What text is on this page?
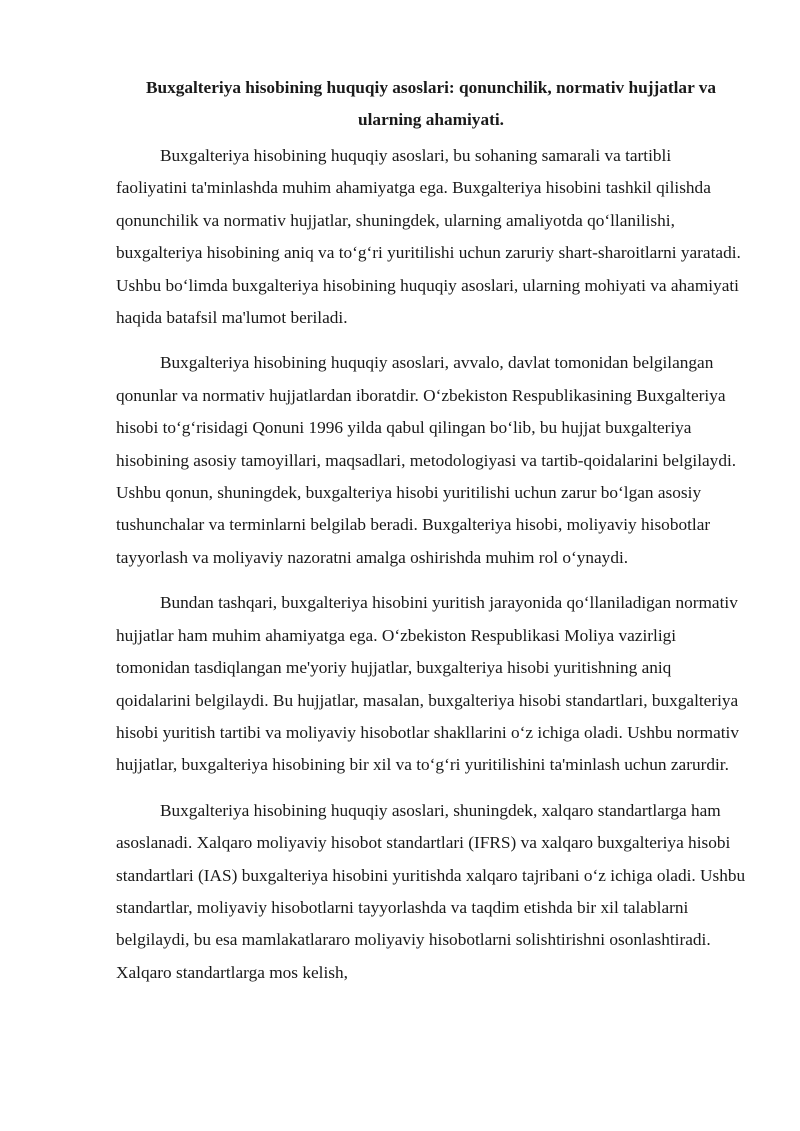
Buxgalteriya hisobining huquqiy asoslari: qonunchilik, normativ hujjatlar va ularning ahamiyati.

Buxgalteriya hisobining huquqiy asoslari, bu sohaning samarali va tartibli faoliyatini ta'minlashda muhim ahamiyatga ega. Buxgalteriya hisobini tashkil qilishda qonunchilik va normativ hujjatlar, shuningdek, ularning amaliyotda qo‘llanilishi, buxgalteriya hisobining aniq va to‘g‘ri yuritilishi uchun zaruriy shart-sharoitlarni yaratadi. Ushbu bo‘limda buxgalteriya hisobining huquqiy asoslari, ularning mohiyati va ahamiyati haqida batafsil ma'lumot beriladi.

Buxgalteriya hisobining huquqiy asoslari, avvalo, davlat tomonidan belgilangan qonunlar va normativ hujjatlardan iboratdir. O‘zbekiston Respublikasining Buxgalteriya hisobi to‘g‘risidagi Qonuni 1996 yilda qabul qilingan bo‘lib, bu hujjat buxgalteriya hisobining asosiy tamoyillari, maqsadlari, metodologiyasi va tartib-qoidalarini belgilaydi. Ushbu qonun, shuningdek, buxgalteriya hisobi yuritilishi uchun zarur bo‘lgan asosiy tushunchalar va terminlarni belgilab beradi. Buxgalteriya hisobi, moliyaviy hisobotlar tayyorlash va moliyaviy nazoratni amalga oshirishda muhim rol o‘ynaydi.

Bundan tashqari, buxgalteriya hisobini yuritish jarayonida qo‘llaniladigan normativ hujjatlar ham muhim ahamiyatga ega. O‘zbekiston Respublikasi Moliya vazirligi tomonidan tasdiqlangan me'yoriy hujjatlar, buxgalteriya hisobi yuritishning aniq qoidalarini belgilaydi. Bu hujjatlar, masalan, buxgalteriya hisobi standartlari, buxgalteriya hisobi yuritish tartibi va moliyaviy hisobotlar shakllarini o‘z ichiga oladi. Ushbu normativ hujjatlar, buxgalteriya hisobining bir xil va to‘g‘ri yuritilishini ta'minlash uchun zarurdir.

Buxgalteriya hisobining huquqiy asoslari, shuningdek, xalqaro standartlarga ham asoslanadi. Xalqaro moliyaviy hisobot standartlari (IFRS) va xalqaro buxgalteriya hisobi standartlari (IAS) buxgalteriya hisobini yuritishda xalqaro tajribani o‘z ichiga oladi. Ushbu standartlar, moliyaviy hisobotlarni tayyorlashda va taqdim etishda bir xil talablarni belgilaydi, bu esa mamlakatlararo moliyaviy hisobotlarni solishtirishni osonlashtiradi. Xalqaro standartlarga mos kelish,
